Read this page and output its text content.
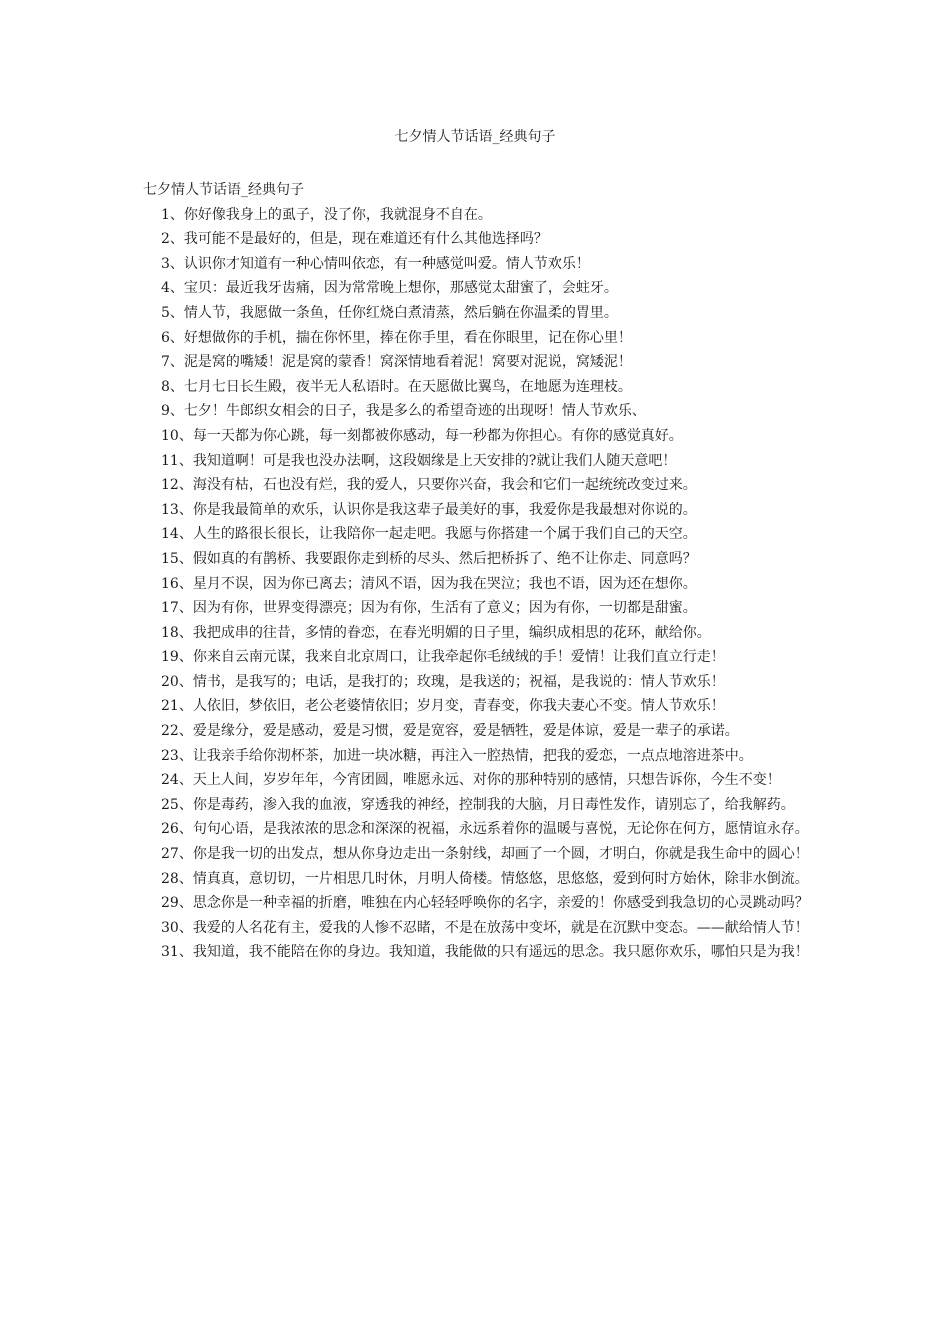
七夕情人节话语_经典句子

七夕情人节话语_经典句子

1、你好像我身上的虱子，没了你，我就混身不自在。

2、我可能不是最好的，但是，现在难道还有什么其他选择吗？

3、认识你才知道有一种心情叫依恋，有一种感觉叫爱。情人节欢乐！

4、宝贝：最近我牙齿痛，因为常常晚上想你，那感觉太甜蜜了，会蛀牙。

5、情人节，我愿做一条鱼，任你红烧白煮清蒸，然后躺在你温柔的胃里。

6、好想做你的手机，揣在你怀里，捧在你手里，看在你眼里，记在你心里！

7、泥是窝的嘴矮！泥是窝的蒙香！窝深情地看着泥！窝要对泥说，窝矮泥！

8、七月七日长生殿，夜半无人私语时。在天愿做比翼鸟，在地愿为连理枝。

9、七夕！牛郎织女相会的日子，我是多么的希望奇迹的出现呀！情人节欢乐、

10、每一天都为你心跳，每一刻都被你感动，每一秒都为你担心。有你的感觉真好。

11、我知道啊！可是我也没办法啊，这段姻缘是上天安排的?就让我们人随天意吧！

12、海没有枯，石也没有烂，我的爱人，只要你兴奋，我会和它们一起统统改变过来。

13、你是我最简单的欢乐，认识你是我这辈子最美好的事，我爱你是我最想对你说的。

14、人生的路很长很长，让我陪你一起走吧。我愿与你搭建一个属于我们自己的天空。

15、假如真的有鹊桥、我要跟你走到桥的尽头、然后把桥拆了、绝不让你走、同意吗？

16、星月不误，因为你已离去；清风不语，因为我在哭泣；我也不语，因为还在想你。

17、因为有你，世界变得漂亮；因为有你，生活有了意义；因为有你，一切都是甜蜜。

18、我把成串的往昔，多情的眷恋，在春光明媚的日子里，编织成相思的花环，献给你。

19、你来自云南元谋，我来自北京周口，让我牵起你毛绒绒的手！爱情！让我们直立行走！

20、情书，是我写的；电话，是我打的；玫瑰，是我送的；祝福，是我说的：情人节欢乐！

21、人依旧，梦依旧，老公老婆情依旧；岁月变，青春变，你我夫妻心不变。情人节欢乐！

22、爱是缘分，爱是感动，爱是习惯，爱是宽容，爱是牺牲，爱是体谅，爱是一辈子的承诺。

23、让我亲手给你沏杯茶，加进一块冰糖，再注入一腔热情，把我的爱恋，一点点地溶进茶中。

24、天上人间，岁岁年年，今宵团圆，唯愿永远、对你的那种特别的感情，只想告诉你，今生不变！

25、你是毒药，渗入我的血液，穿透我的神经，控制我的大脑，月日毒性发作，请别忘了，给我解药。

26、句句心语，是我浓浓的思念和深深的祝福，永远系着你的温暖与喜悦，无论你在何方，愿情谊永存。

27、你是我一切的出发点，想从你身边走出一条射线，却画了一个圆，才明白，你就是我生命中的圆心！

28、情真真，意切切，一片相思几时休，月明人倚楼。情悠悠，思悠悠，爱到何时方始休，除非水倒流。

29、思念你是一种幸福的折磨，唯独在内心轻轻呼唤你的名字，亲爱的！你感受到我急切的心灵跳动吗？

30、我爱的人名花有主，爱我的人惨不忍睹，不是在放荡中变坏，就是在沉默中变态。——献给情人节！

31、我知道，我不能陪在你的身边。我知道，我能做的只有遥远的思念。我只愿你欢乐，哪怕只是为我！
